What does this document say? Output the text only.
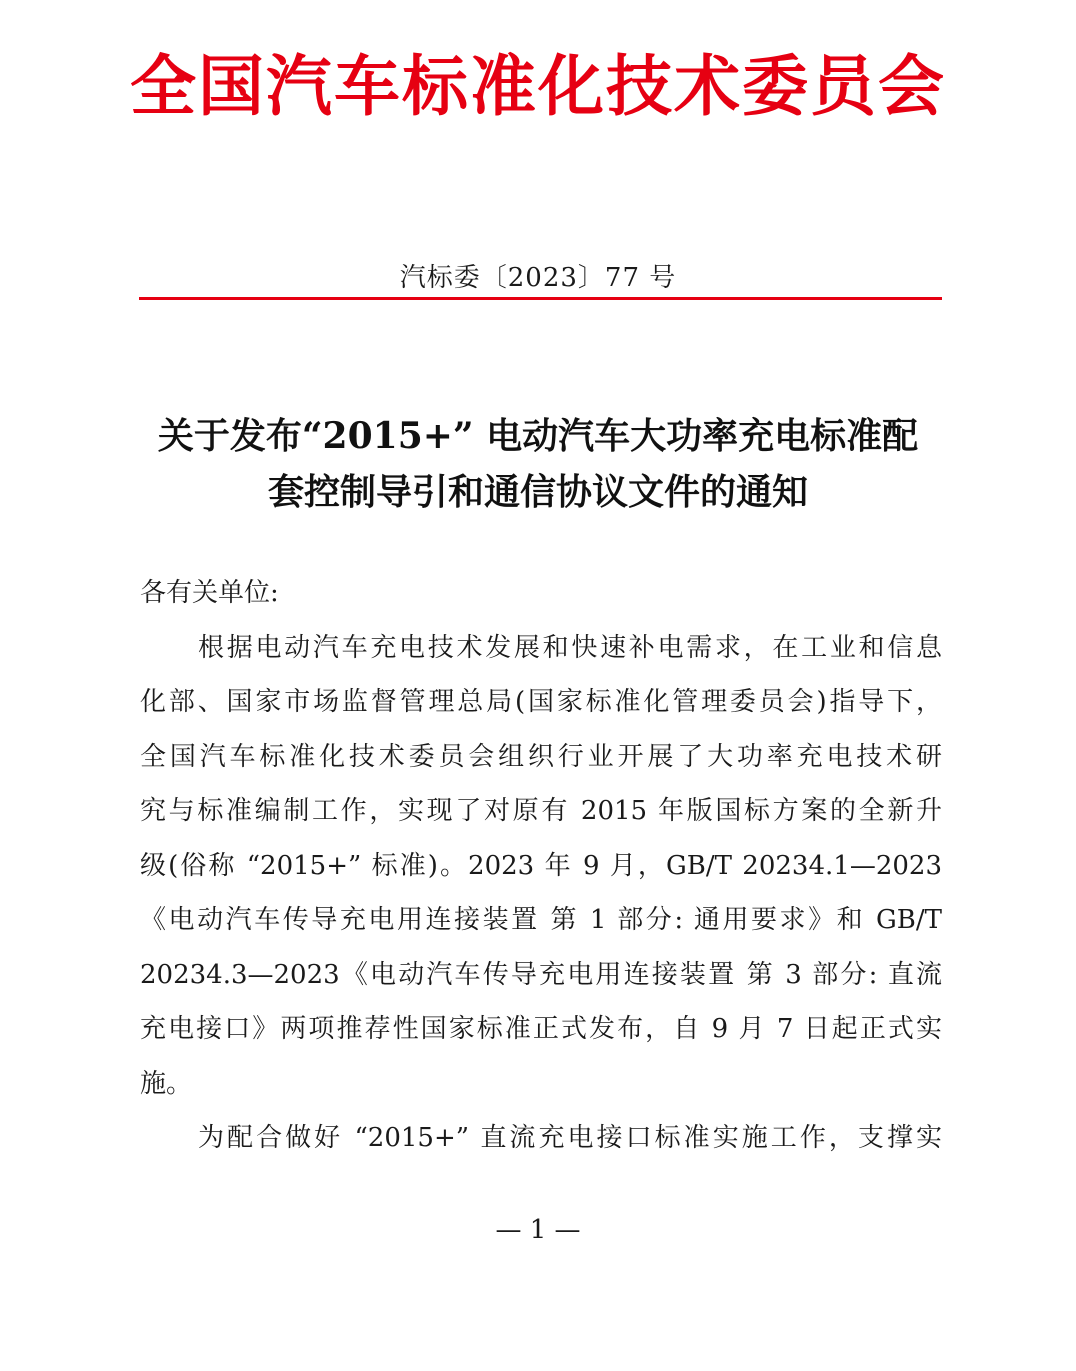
全国汽车标准化技术委员会
汽标委〔2023〕77 号
关于发布“2015+” 电动汽车大功率充电标准配
套控制导引和通信协议文件的通知
各有关单位:
根据电动汽车充电技术发展和快速补电需求，在工业和信息
化部、国家市场监督管理总局(国家标准化管理委员会)指导下，
全国汽车标准化技术委员会组织行业开展了大功率充电技术研
究与标准编制工作，实现了对原有 2015 年版国标方案的全新升
级(俗称 “2015+” 标准)。2023 年 9 月，GB/T 20234.1—2023
《电动汽车传导充电用连接装置 第 1 部分: 通用要求》和 GB/T
20234.3—2023《电动汽车传导充电用连接装置 第 3 部分: 直流
充电接口》两项推荐性国家标准正式发布，自 9 月 7 日起正式实
施。
为配合做好 “2015+” 直流充电接口标准实施工作，支撑实
— 1 —
